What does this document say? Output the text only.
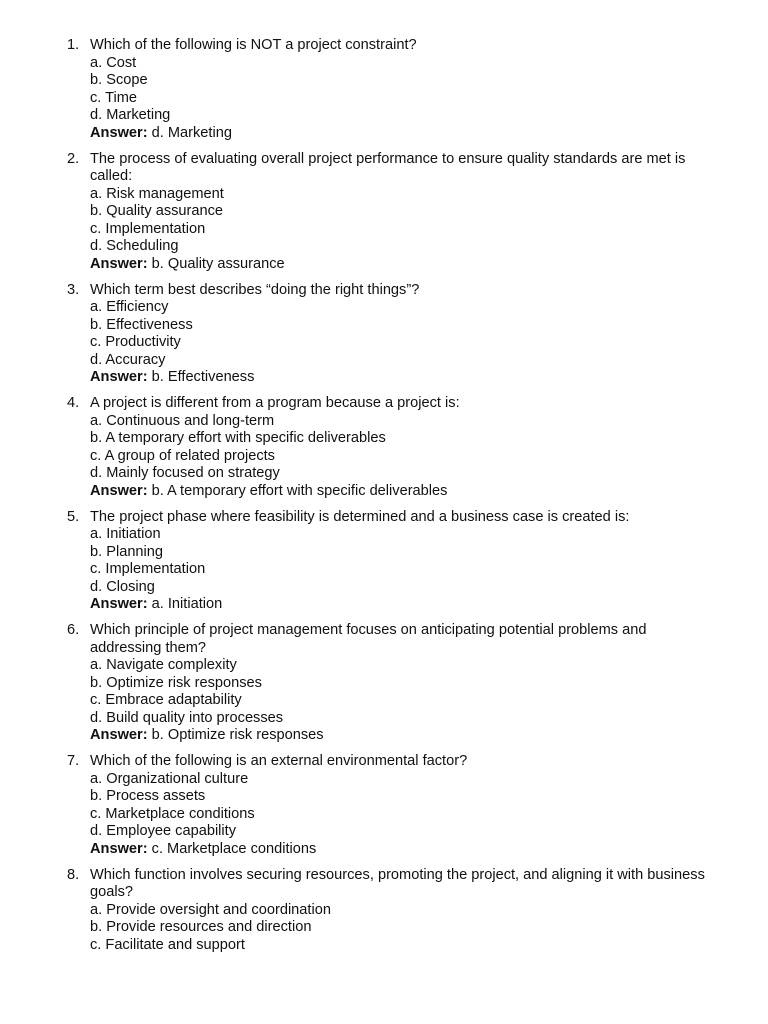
1. Which of the following is NOT a project constraint?
a. Cost
b. Scope
c. Time
d. Marketing
Answer: d. Marketing
2. The process of evaluating overall project performance to ensure quality standards are met is called:
a. Risk management
b. Quality assurance
c. Implementation
d. Scheduling
Answer: b. Quality assurance
3. Which term best describes “doing the right things”?
a. Efficiency
b. Effectiveness
c. Productivity
d. Accuracy
Answer: b. Effectiveness
4. A project is different from a program because a project is:
a. Continuous and long-term
b. A temporary effort with specific deliverables
c. A group of related projects
d. Mainly focused on strategy
Answer: b. A temporary effort with specific deliverables
5. The project phase where feasibility is determined and a business case is created is:
a. Initiation
b. Planning
c. Implementation
d. Closing
Answer: a. Initiation
6. Which principle of project management focuses on anticipating potential problems and addressing them?
a. Navigate complexity
b. Optimize risk responses
c. Embrace adaptability
d. Build quality into processes
Answer: b. Optimize risk responses
7. Which of the following is an external environmental factor?
a. Organizational culture
b. Process assets
c. Marketplace conditions
d. Employee capability
Answer: c. Marketplace conditions
8. Which function involves securing resources, promoting the project, and aligning it with business goals?
a. Provide oversight and coordination
b. Provide resources and direction
c. Facilitate and support
